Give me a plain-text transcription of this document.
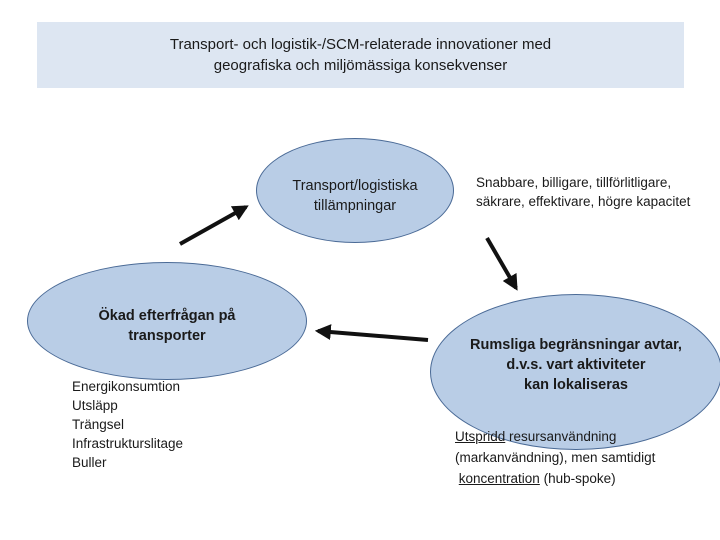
Transport- och logistik-/SCM-relaterade innovationer med
geografiska och miljömässiga konsekvenser
Transport/logistiska
tillämpningar
Ökad efterfrågan på
transporter
Rumsliga begränsningar avtar,
d.v.s. vart aktiviteter
kan lokaliseras
Snabbare, billigare, tillförlitligare,
säkrare, effektivare, högre kapacitet
Energikonsumtion
Utsläpp
Trängsel
Infrastrukturslitage
Buller
Utspridd resursanvändning
(markanvändning), men samtidigt
koncentration (hub-spoke)
